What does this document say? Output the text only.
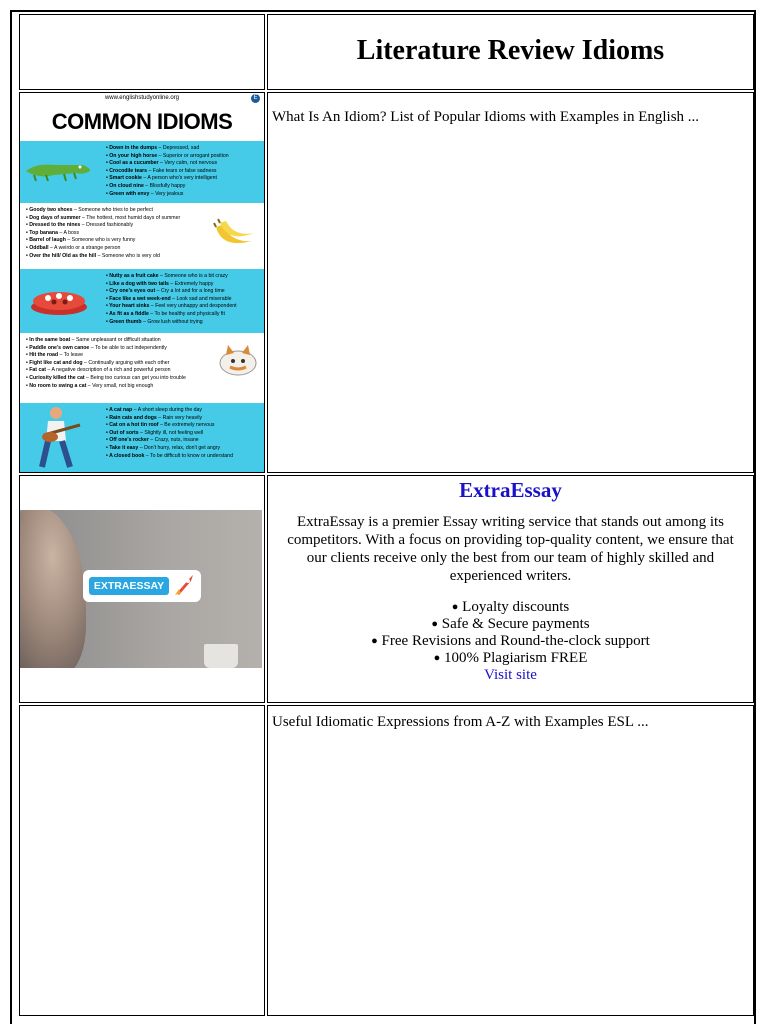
Literature Review Idioms
www.englishstudyonline.org	E
COMMON IDIOMS
• Down in the dumps – Depressed, sad
• On your high horse – Superior or arrogant position
• Cool as a cucumber – Very calm, not nervous
• Crocodile tears – Fake tears or false sadness
• Smart cookie – A person who's very intelligent
• On cloud nine – Blissfully happy
• Green with envy – Very jealous
• Goody two shoes – Someone who tries to be perfect
• Dog days of summer – The hottest, most humid days of summer
• Dressed to the nines – Dressed fashionably
• Top banana – A boss
• Barrel of laugh – Someone who is very funny
• Oddball – A weirdo or a strange person
• Over the hill/ Old as the hill – Someone who is very old
• Nutty as a fruit cake – Someone who is a bit crazy
• Like a dog with two tails – Extremely happy
• Cry one's eyes out – Cry a lot and for a long time
• Face like a wet week-end – Look sad and miserable
• Your heart sinks – Feel very unhappy and despondent
• As fit as a fiddle – To be healthy and physically fit
• Green thumb – Grow lush without trying
• In the same boat – Same unpleasant or difficult situation
• Paddle one's own canoe – To be able to act independently
• Hit the road – To leave
• Fight like cat and dog – Continually arguing with each other
• Fat cat – A negative description of a rich and powerful person
• Curiosity killed the cat – Being too curious can get you into trouble
• No room to swing a cat – Very small, not big enough
• A cat nap – A short sleep during the day
• Rain cats and dogs – Rain very heavily
• Cat on a hot tin roof – Be extremely nervous
• Out of sorts – Slightly ill, not feeling well
• Off one's rocker – Crazy, nuts, insane
• Take it easy – Don't hurry, relax, don't get angry
• A closed book – To be difficult to know or understand
What Is An Idiom? List of Popular Idioms with Examples in English ...
EXTRAESSAY
ExtraEssay
ExtraEssay is a premier Essay writing service that stands out among its competitors. With a focus on providing top-quality content, we ensure that our clients receive only the best from our team of highly skilled and experienced writers.
● Loyalty discounts
● Safe & Secure payments
● Free Revisions and Round-the-clock support
● 100% Plagiarism FREE
Visit site
Useful Idiomatic Expressions from A-Z with Examples ESL ...
